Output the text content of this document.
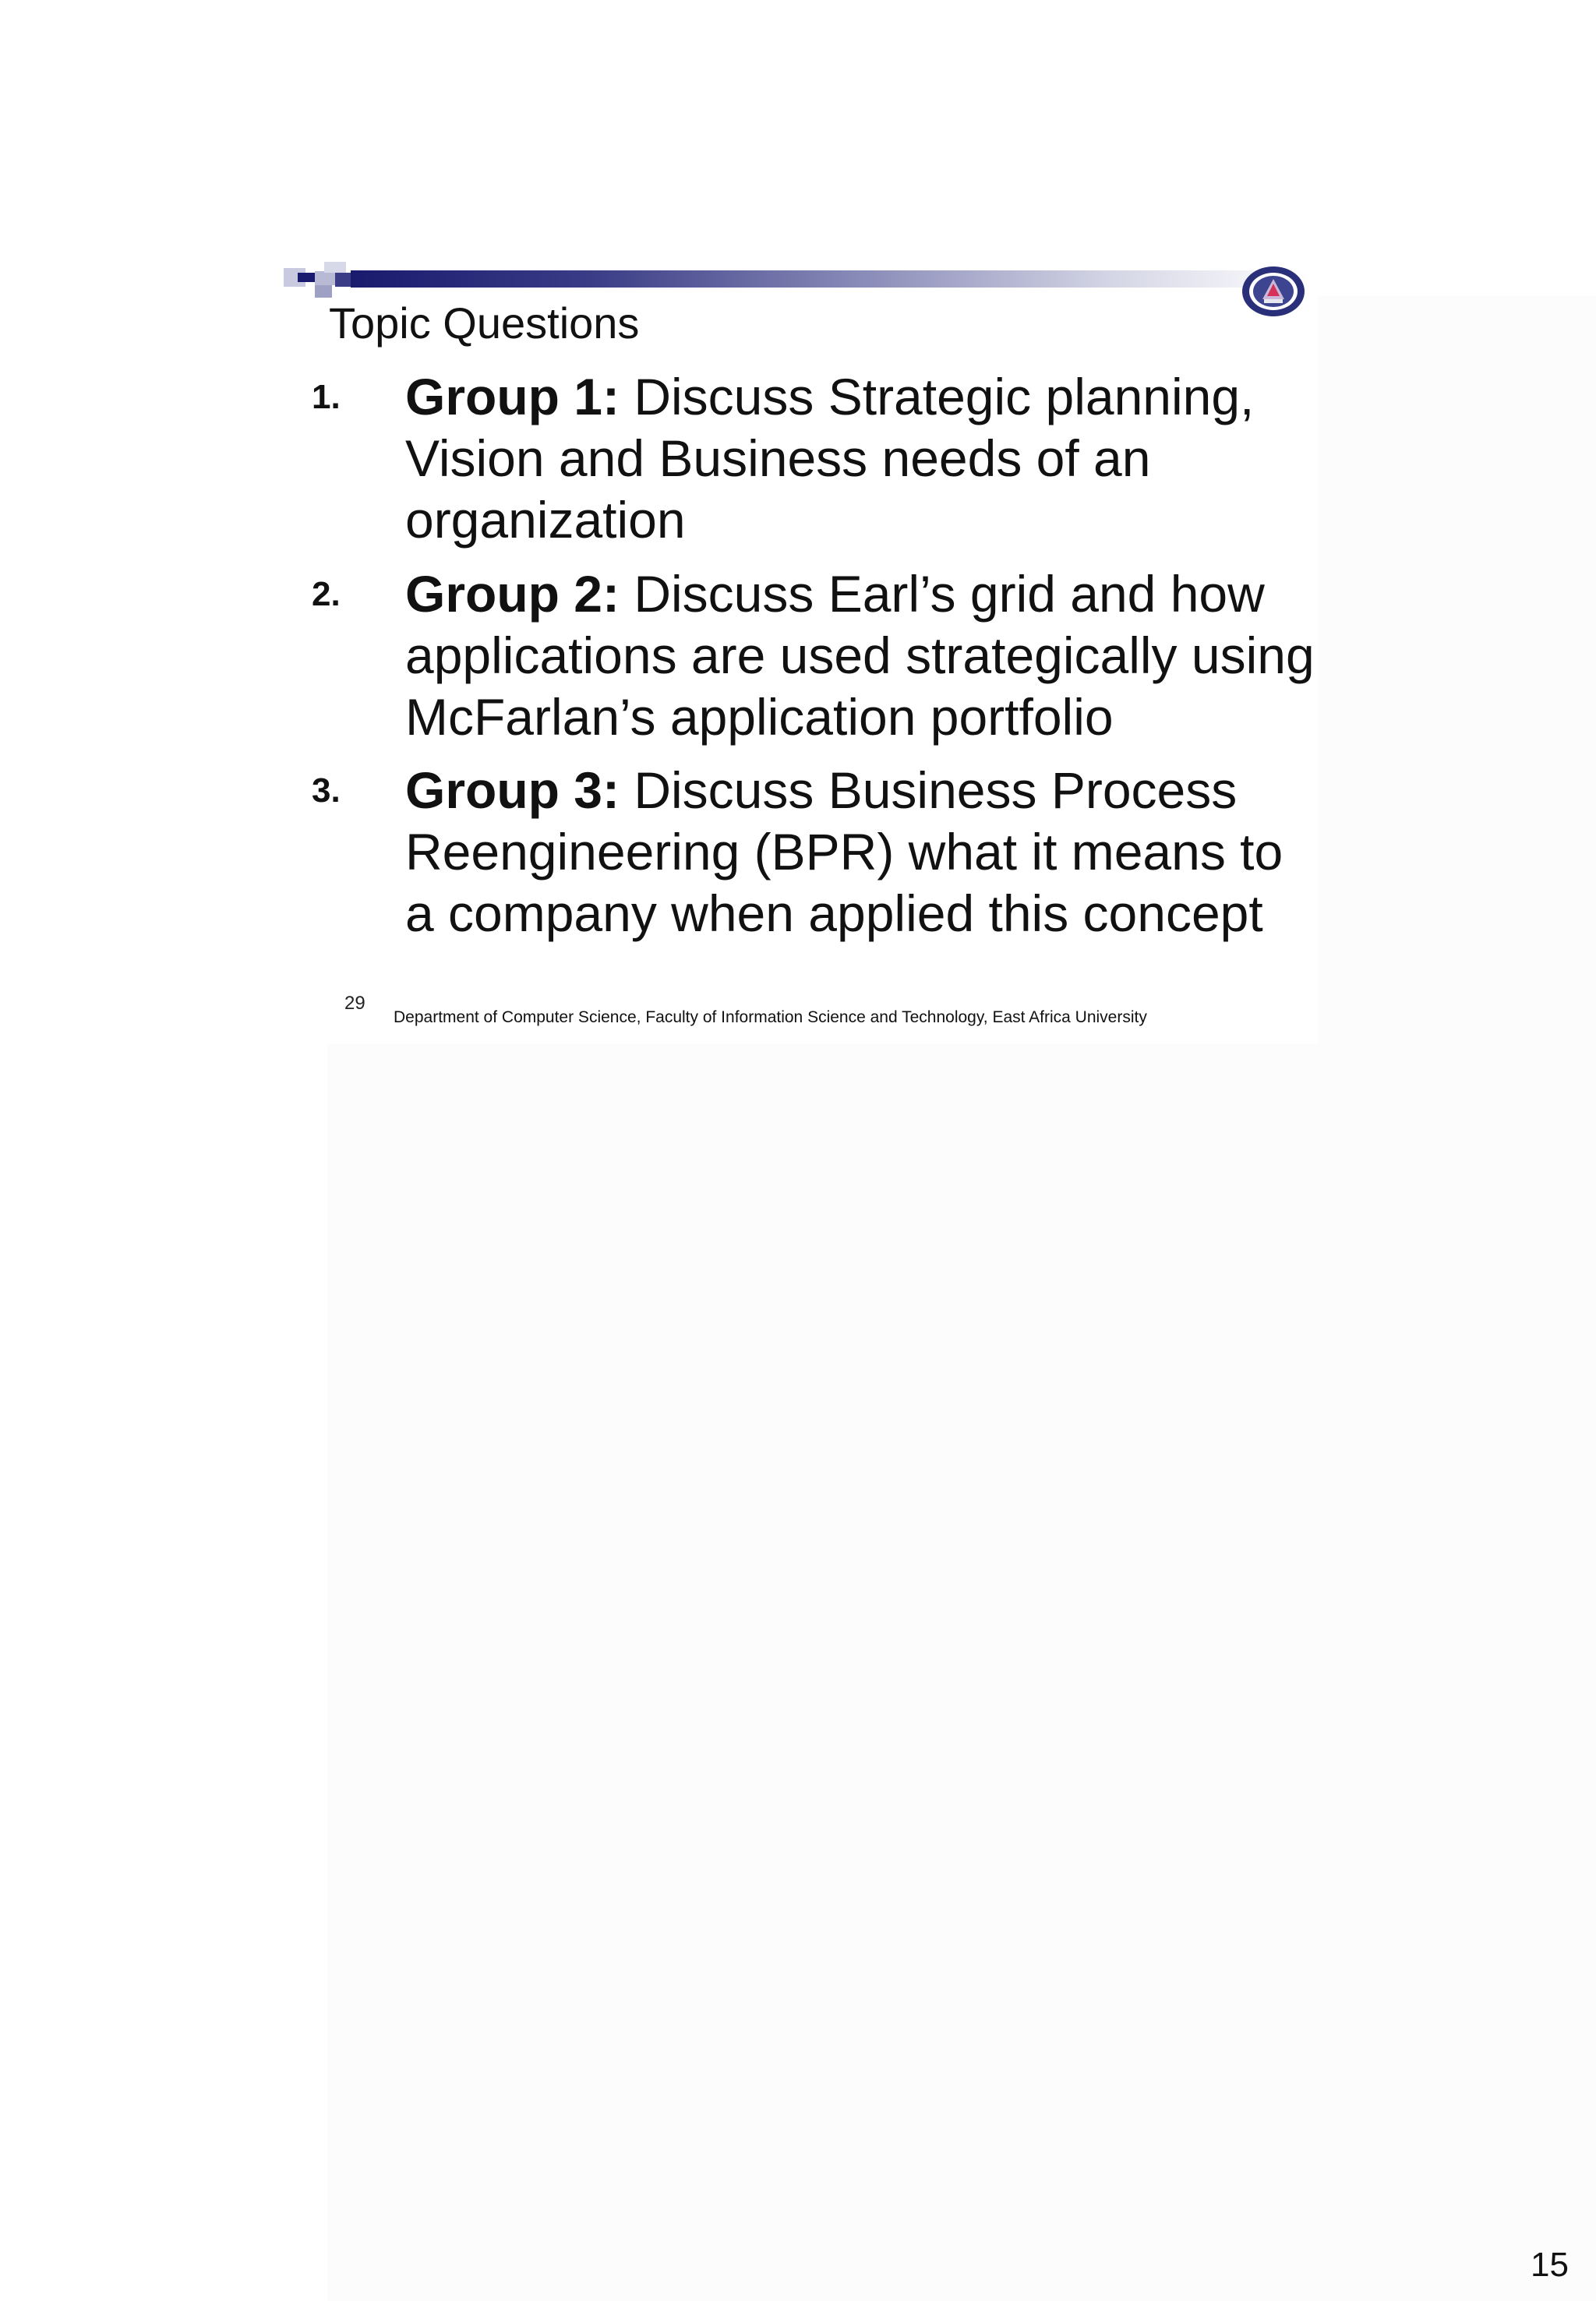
Topic Questions
1. Group 1: Discuss Strategic planning, Vision and Business needs of an organization
2. Group 2: Discuss Earl’s grid and how applications are used strategically using McFarlan’s application portfolio
3. Group 3: Discuss Business Process Reengineering (BPR) what it means to a company when applied this concept
29
Department of Computer Science, Faculty of Information Science and Technology, East Africa University
15
